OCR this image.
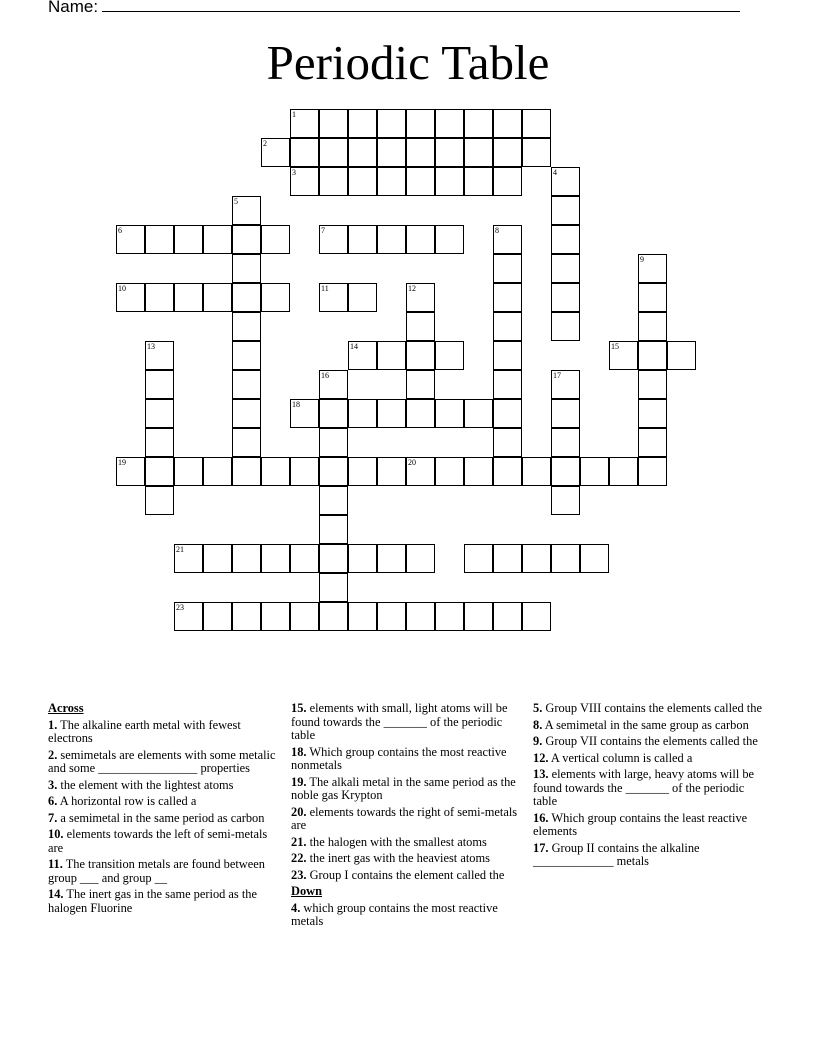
Name:
Periodic Table
1
2
3	4
5
6	7	8
9
10	11	12
13	14	15
16	17
18
19	20
21
23
Across
1. The alkaline earth metal with fewest electrons
2. semimetals are elements with some metalic and some ________________ properties
3. the element with the lightest atoms
6. A horizontal row is called a
7. a semimetal in the same period as carbon
10. elements towards the left of semi-metals are
11. The transition metals are found between group ___ and group __
14. The inert gas in the same period as the halogen Fluorine
15. elements with small, light atoms will be found towards the _______ of the periodic table
18. Which group contains the most reactive nonmetals
19. The alkali metal in the same period as the noble gas Krypton
20. elements towards the right of semi-metals are
21. the halogen with the smallest atoms
22. the inert gas with the heaviest atoms
23. Group I contains the element called the
Down
4. which group contains the most reactive metals
5. Group VIII contains the elements called the
8. A semimetal in the same group as carbon
9. Group VII contains the elements called the
12. A vertical column is called a
13. elements with large, heavy atoms will be found towards the _______ of the periodic table
16. Which group contains the least reactive elements
17. Group II contains the alkaline _____________ metals
